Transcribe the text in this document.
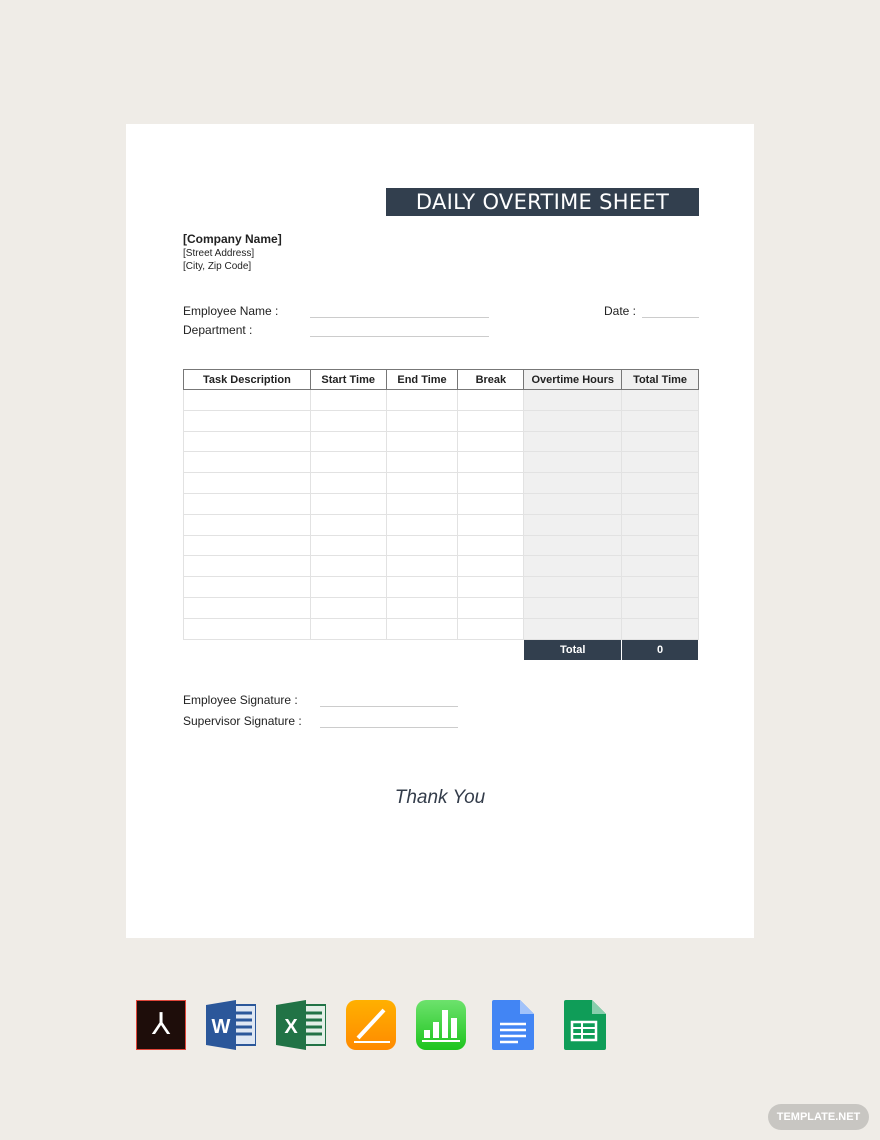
DAILY OVERTIME SHEET
[Company Name]
[Street Address]
[City, Zip Code]
Employee Name :
Department :
Date :
Task Description	Start Time	End Time	Break	Overtime Hours	Total Time

				Total	0
Employee Signature :
Supervisor Signature :
Thank You
⅄	W	X
TEMPLATE.NET
